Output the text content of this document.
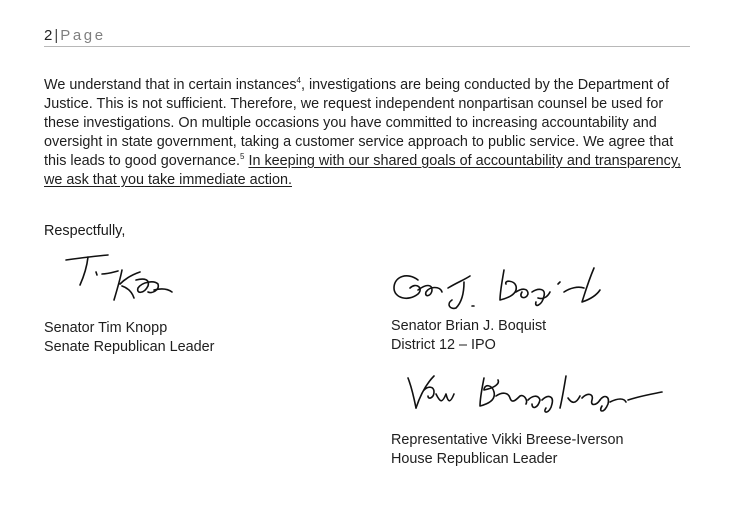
2 | Page

We understand that in certain instances$^4$, investigations are being conducted by the Department of Justice. This is not sufficient. Therefore, we request independent nonpartisan counsel be used for these investigations. On multiple occasions you have committed to increasing accountability and oversight in state government, taking a customer service approach to public service. We agree that this leads to good governance.$^5$ In keeping with our shared goals of accountability and transparency, we ask that you take immediate action.

Respectfully,
Senator Tim Knopp
Senate Republican Leader
Senator Brian J. Boquist
District 12 – IPO
Representative Vikki Breese-Iverson
House Republican Leader
